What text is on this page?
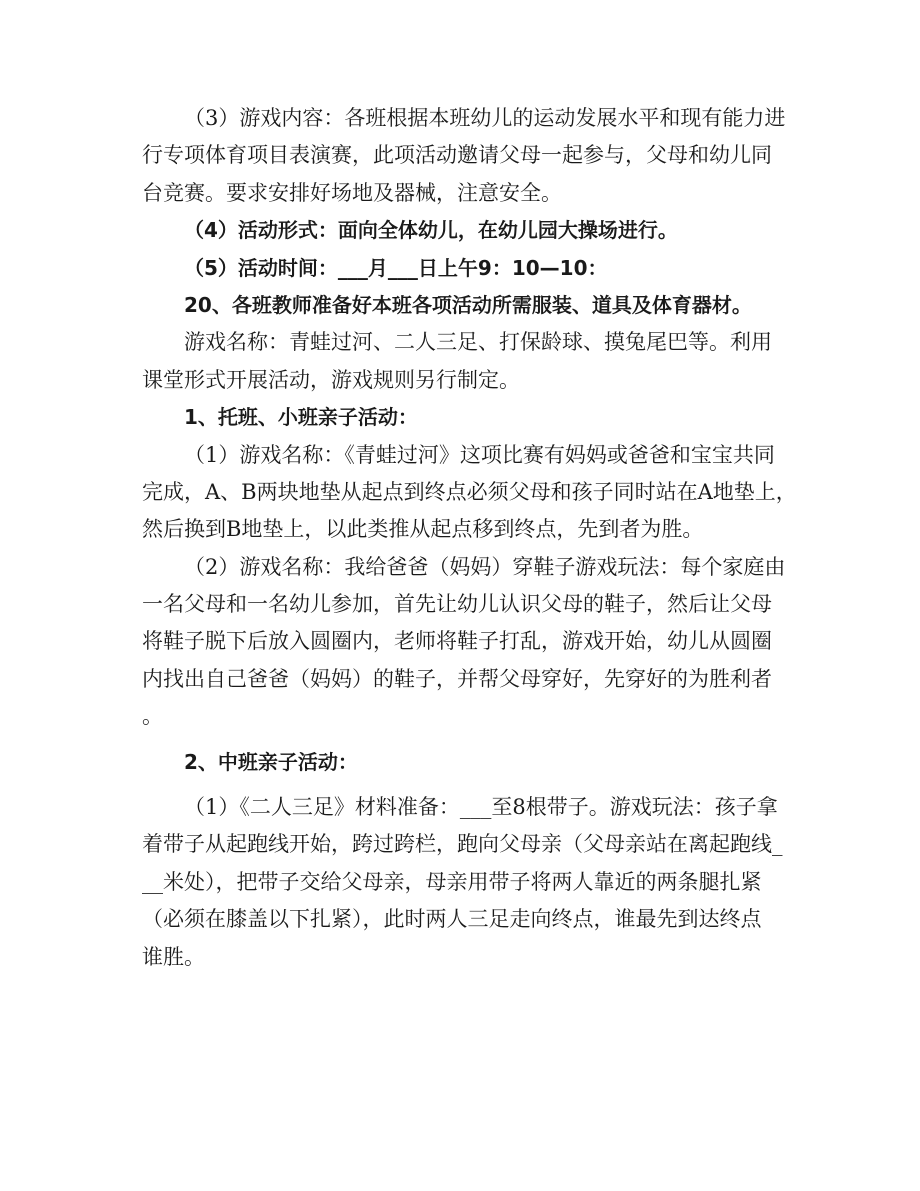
（3）游戏内容：各班根据本班幼儿的运动发展水平和现有能力进
行专项体育项目表演赛，此项活动邀请父母一起参与，父母和幼儿同
台竞赛。要求安排好场地及器械，注意安全。
（4）活动形式：面向全体幼儿，在幼儿园大操场进行。
（5）活动时间：___月___日上午9：10—10：
20、各班教师准备好本班各项活动所需服装、道具及体育器材。
游戏名称：青蛙过河、二人三足、打保龄球、摸兔尾巴等。利用
课堂形式开展活动，游戏规则另行制定。
1、托班、小班亲子活动：
（1）游戏名称：《青蛙过河》这项比赛有妈妈或爸爸和宝宝共同
完成，A、B两块地垫从起点到终点必须父母和孩子同时站在A地垫上，
然后换到B地垫上，以此类推从起点移到终点，先到者为胜。
（2）游戏名称：我给爸爸（妈妈）穿鞋子游戏玩法：每个家庭由
一名父母和一名幼儿参加，首先让幼儿认识父母的鞋子，然后让父母
将鞋子脱下后放入圆圈内，老师将鞋子打乱，游戏开始，幼儿从圆圈
内找出自己爸爸（妈妈）的鞋子，并帮父母穿好，先穿好的为胜利者
。
2、中班亲子活动：
（1）《二人三足》材料准备：___至8根带子。游戏玩法：孩子拿
着带子从起跑线开始，跨过跨栏，跑向父母亲（父母亲站在离起跑线_
__米处），把带子交给父母亲，母亲用带子将两人靠近的两条腿扎紧
（必须在膝盖以下扎紧），此时两人三足走向终点，谁最先到达终点
谁胜。
